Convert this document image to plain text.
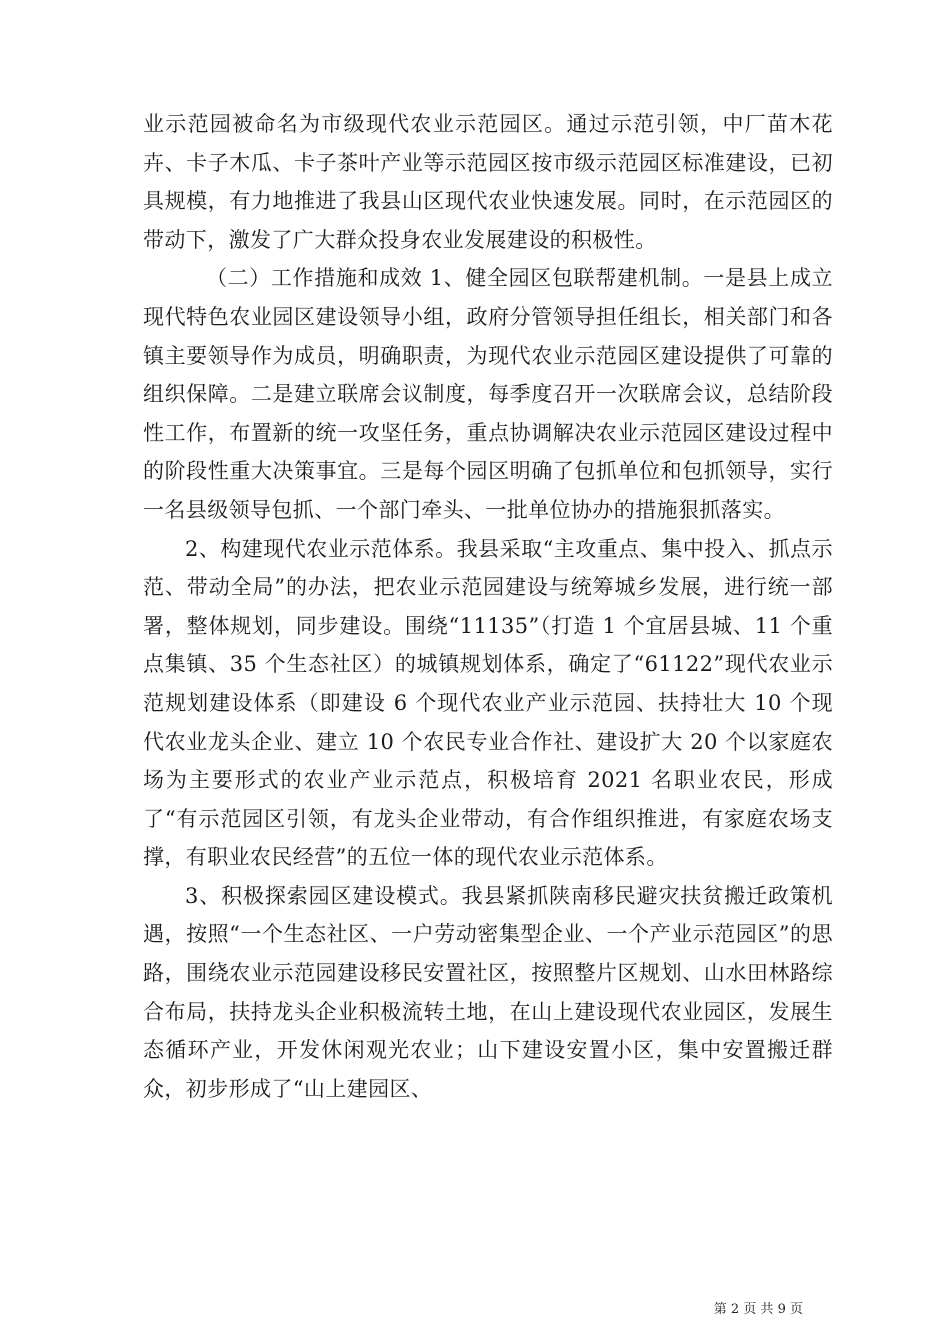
业示范园被命名为市级现代农业示范园区。通过示范引领，中厂苗木花卉、卡子木瓜、卡子茶叶产业等示范园区按市级示范园区标准建设，已初具规模，有力地推进了我县山区现代农业快速发展。同时，在示范园区的带动下，激发了广大群众投身农业发展建设的积极性。

（二）工作措施和成效 1、健全园区包联帮建机制。一是县上成立现代特色农业园区建设领导小组，政府分管领导担任组长，相关部门和各镇主要领导作为成员，明确职责，为现代农业示范园区建设提供了可靠的组织保障。二是建立联席会议制度，每季度召开一次联席会议，总结阶段性工作，布置新的统一攻坚任务，重点协调解决农业示范园区建设过程中的阶段性重大决策事宜。三是每个园区明确了包抓单位和包抓领导，实行一名县级领导包抓、一个部门牵头、一批单位协办的措施狠抓落实。

2、构建现代农业示范体系。我县采取“主攻重点、集中投入、抓点示范、带动全局”的办法，把农业示范园建设与统筹城乡发展，进行统一部署，整体规划，同步建设。围绕“11135”（打造 1 个宜居县城、11 个重点集镇、35 个生态社区）的城镇规划体系，确定了“61122”现代农业示范规划建设体系（即建设 6 个现代农业产业示范园、扶持壮大 10 个现代农业龙头企业、建立 10 个农民专业合作社、建设扩大 20 个以家庭农场为主要形式的农业产业示范点，积极培育 2021 名职业农民，形成了“有示范园区引领，有龙头企业带动，有合作组织推进，有家庭农场支撑，有职业农民经营”的五位一体的现代农业示范体系。

3、积极探索园区建设模式。我县紧抓陕南移民避灾扶贫搬迁政策机遇，按照“一个生态社区、一户劳动密集型企业、一个产业示范园区”的思路，围绕农业示范园建设移民安置社区，按照整片区规划、山水田林路综合布局，扶持龙头企业积极流转土地，在山上建设现代农业园区，发展生态循环产业，开发休闲观光农业；山下建设安置小区，集中安置搬迁群众，初步形成了“山上建园区、

第 2 页 共 9 页
